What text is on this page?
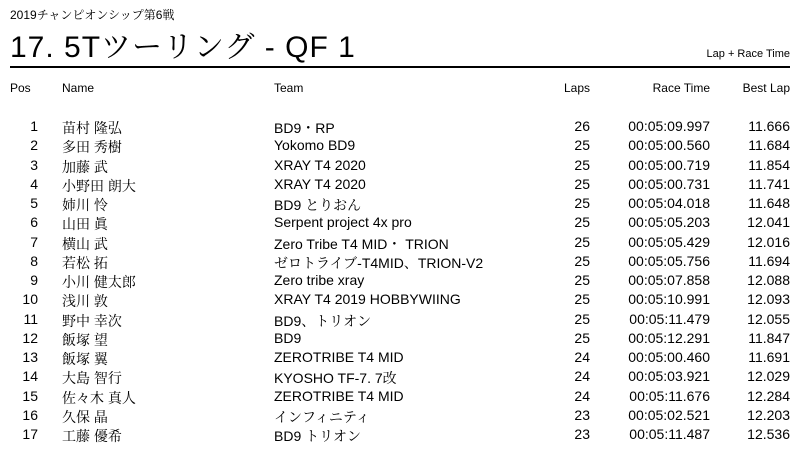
2019チャンピオンシップ第6戦
17. 5Tツーリング - QF 1	Lap + Race Time
Pos	Name	Team	Laps	Race Time	Best Lap
1 苗村 隆弘	BD9・RP	26	00:05:09.997	11.666
2 多田 秀樹	Yokomo BD9	25	00:05:00.560	11.684
3 加藤 武	XRAY T4 2020	25	00:05:00.719	11.854
4 小野田 朗大	XRAY T4 2020	25	00:05:00.731	11.741
5 姉川 怜	BD9 とりおん	25	00:05:04.018	11.648
6 山田 眞	Serpent project 4x pro	25	00:05:05.203	12.041
7 横山 武	Zero Tribe T4 MID・ TRION	25	00:05:05.429	12.016
8 若松 拓	ゼロトライブ-T4MID、TRION-V2	25	00:05:05.756	11.694
9 小川 健太郎	Zero tribe xray	25	00:05:07.858	12.088
10 浅川 敦	XRAY T4 2019 HOBBYWIING	25	00:05:10.991	12.093
11 野中 幸次	BD9、トリオン	25	00:05:11.479	12.055
12 飯塚 望	BD9	25	00:05:12.291	11.847
13 飯塚 翼	ZEROTRIBE T4 MID	24	00:05:00.460	11.691
14 大島 智行	KYOSHO TF-7. 7改	24	00:05:03.921	12.029
15 佐々木 真人	ZEROTRIBE T4 MID	24	00:05:11.676	12.284
16 久保 晶	インフィニティ	23	00:05:02.521	12.203
17 工藤 優希	BD9 トリオン	23	00:05:11.487	12.536
